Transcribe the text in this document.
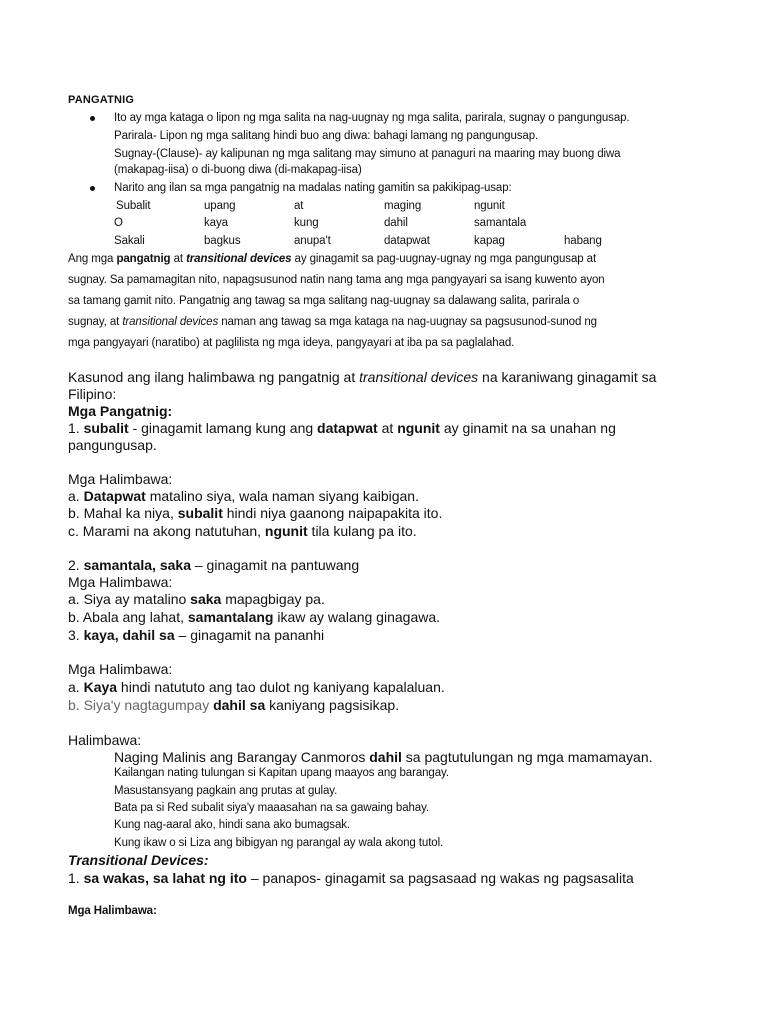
PANGATNIG
Ito ay mga kataga o lipon ng mga salita na nag-uugnay ng mga salita, parirala, sugnay o pangungusap.
Parirala- Lipon ng mga salitang hindi buo ang diwa: bahagi lamang ng pangungusap.
Sugnay-(Clause)- ay kalipunan ng mga salitang may simuno at panaguri na maaring may buong diwa
(makapag-iisa) o di-buong diwa (di-makapag-iisa)
Narito ang ilan sa mga pangatnig na madalas nating gamitin sa pakikipag-usap:
Subalit	upang	at	maging	ngunit
O	kaya	kung	dahil	samantala
Sakali	bagkus	anupa't	datapwat	kapag	habang
Ang mga pangatnig at transitional devices ay ginagamit sa pag-uugnay-ugnay ng mga pangungusap at
sugnay. Sa pamamagitan nito, napagsusunod natin nang tama ang mga pangyayari sa isang kuwento ayon
sa tamang gamit nito. Pangatnig ang tawag sa mga salitang nag-uugnay sa dalawang salita, parirala o
sugnay, at transitional devices naman ang tawag sa mga kataga na nag-uugnay sa pagsusunod-sunod ng
mga pangyayari (naratibo) at paglilista ng mga ideya, pangyayari at iba pa sa paglalahad.
Kasunod ang ilang halimbawa ng pangatnig at transitional devices na karaniwang ginagamit sa
Filipino:
Mga Pangatnig:
1. subalit - ginagamit lamang kung ang datapwat at ngunit ay ginamit na sa unahan ng
pangungusap.
Mga Halimbawa:
a. Datapwat matalino siya, wala naman siyang kaibigan.
b. Mahal ka niya, subalit hindi niya gaanong naipapakita ito.
c. Marami na akong natutuhan, ngunit tila kulang pa ito.
2. samantala, saka – ginagamit na pantuwang
Mga Halimbawa:
a. Siya ay matalino saka mapagbigay pa.
b. Abala ang lahat, samantalang ikaw ay walang ginagawa.
3. kaya, dahil sa – ginagamit na pananhi
Mga Halimbawa:
a. Kaya hindi natututo ang tao dulot ng kaniyang kapalaluan.
b. Siya'y nagtagumpay dahil sa kaniyang pagsisikap.
Halimbawa:
Naging Malinis ang Barangay Canmoros dahil sa pagtutulungan ng mga mamamayan.
Kailangan nating tulungan si Kapitan upang maayos ang barangay.
Masustansyang pagkain ang prutas at gulay.
Bata pa si Red subalit siya'y maaasahan na sa gawaing bahay.
Kung nag-aaral ako, hindi sana ako bumagsak.
Kung ikaw o si Liza ang bibigyan ng parangal ay wala akong tutol.
Transitional Devices:
1. sa wakas, sa lahat ng ito – panapos- ginagamit sa pagsasaad ng wakas ng pagsasalita
Mga Halimbawa:
